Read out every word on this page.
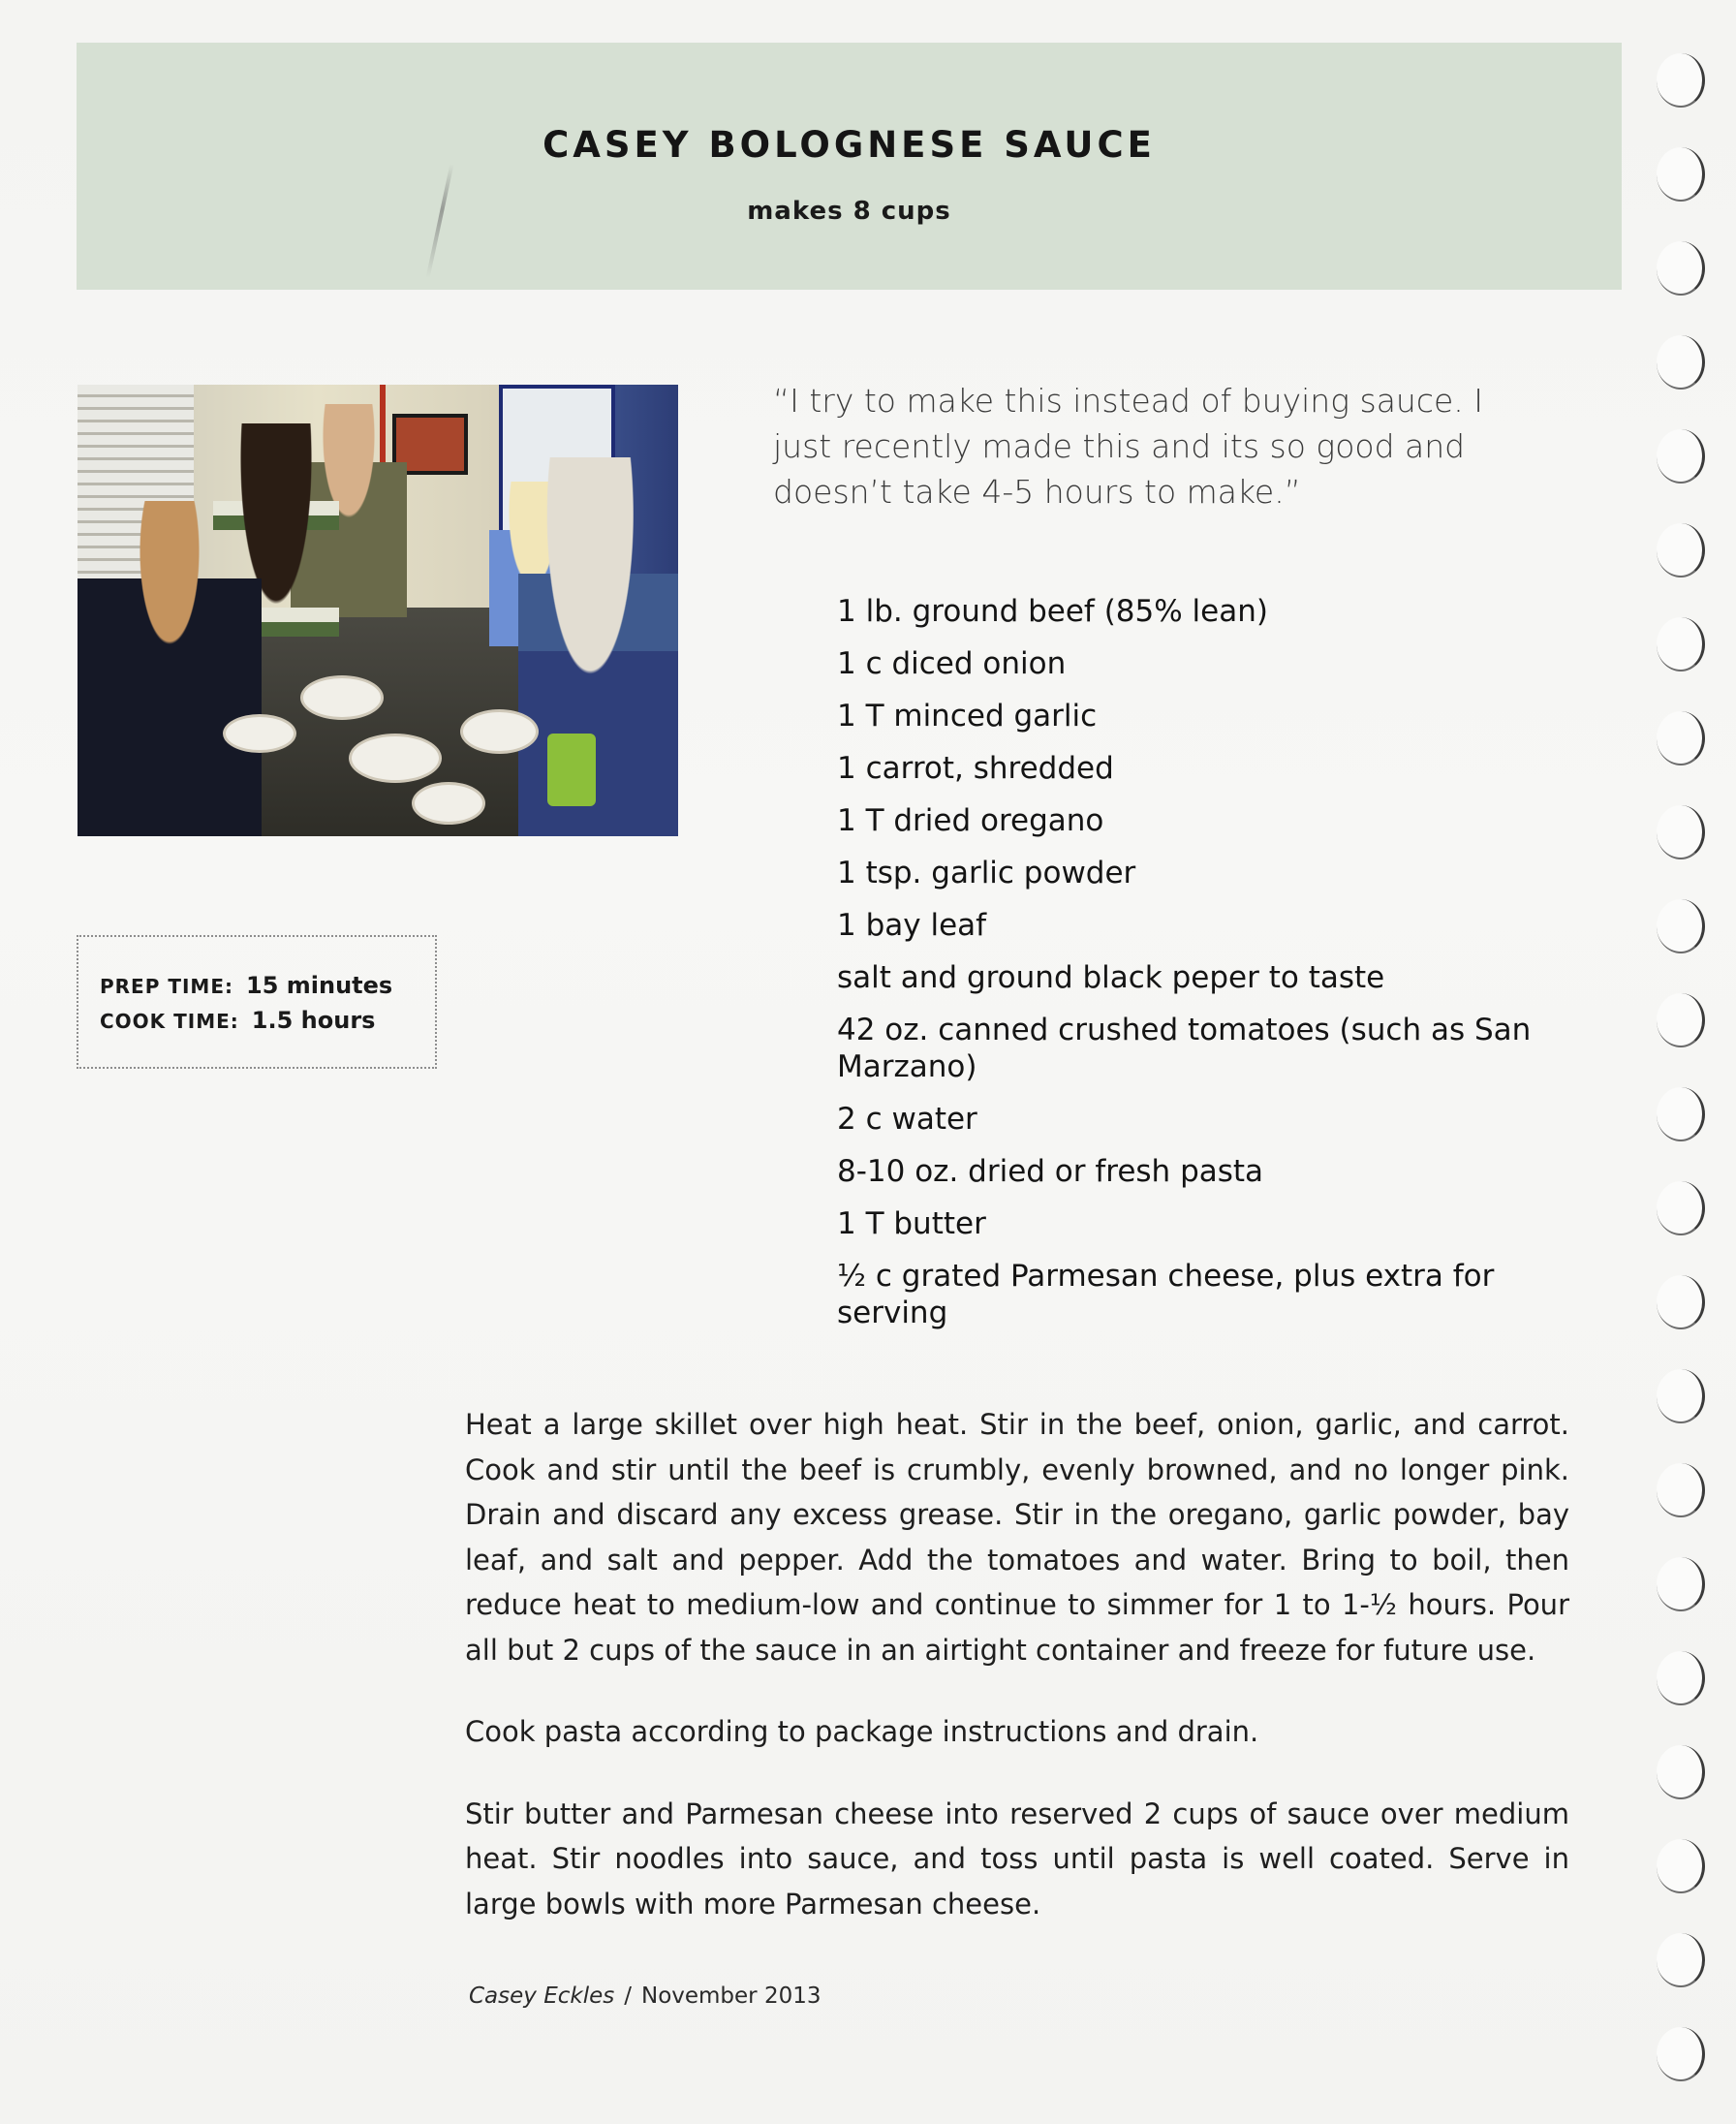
CASEY BOLOGNESE SAUCE
makes 8 cups

“I try to make this instead of buying sauce. I just recently made this and its so good and doesn’t take 4-5 hours to make.”

PREP TIME: 15 minutes
COOK TIME: 1.5 hours
1 lb. ground beef (85% lean)
1 c diced onion
1 T minced garlic
1 carrot, shredded
1 T dried oregano
1 tsp. garlic powder
1 bay leaf
salt and ground black peper to taste
42 oz. canned crushed tomatoes (such as San Marzano)
2 c water
8-10 oz. dried or fresh pasta
1 T butter
½ c grated Parmesan cheese, plus extra for serving

Heat a large skillet over high heat. Stir in the beef, onion, garlic, and carrot. Cook and stir until the beef is crumbly, evenly browned, and no longer pink. Drain and discard any excess grease. Stir in the oregano, garlic powder, bay leaf, and salt and pepper. Add the tomatoes and water. Bring to boil, then reduce heat to medium-low and continue to simmer for 1 to 1-½ hours. Pour all but 2 cups of the sauce in an airtight container and freeze for future use.

Cook pasta according to package instructions and drain.

Stir butter and Parmesan cheese into reserved 2 cups of sauce over medium heat. Stir noodles into sauce, and toss until pasta is well coated. Serve in large bowls with more Parmesan cheese.

Casey Eckles / November 2013
